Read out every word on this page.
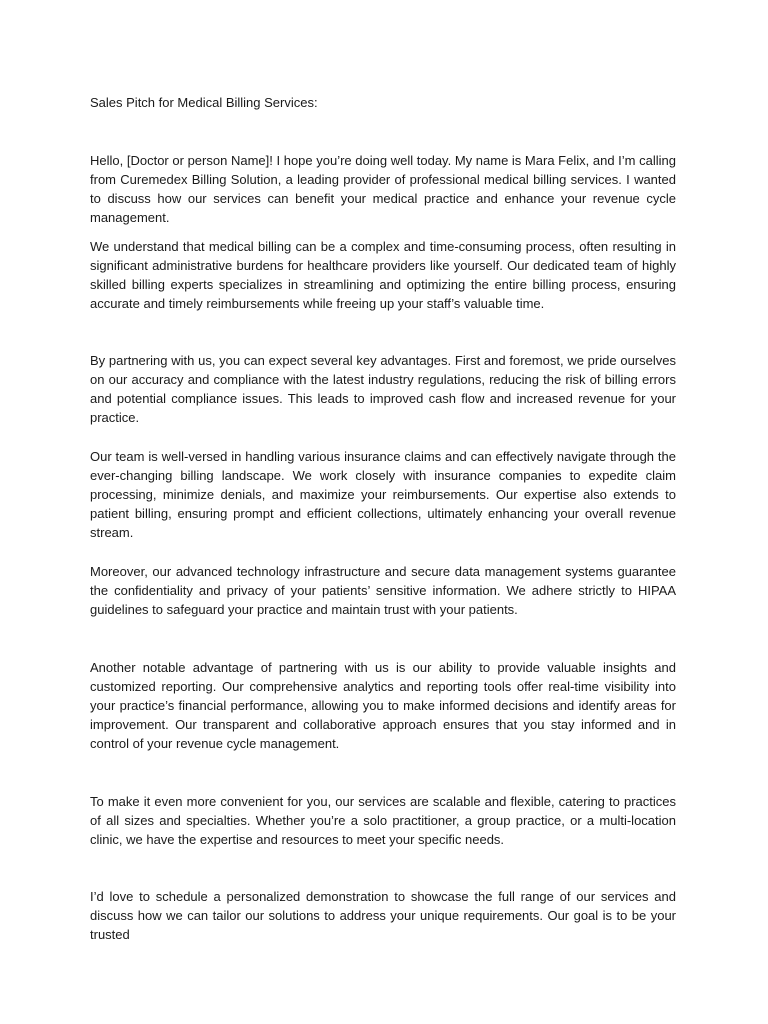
Sales Pitch for Medical Billing Services:

Hello, [Doctor or person Name]! I hope you’re doing well today. My name is Mara Felix, and I’m calling from Curemedex Billing Solution, a leading provider of professional medical billing services. I wanted to discuss how our services can benefit your medical practice and enhance your revenue cycle management.

We understand that medical billing can be a complex and time-consuming process, often resulting in significant administrative burdens for healthcare providers like yourself. Our dedicated team of highly skilled billing experts specializes in streamlining and optimizing the entire billing process, ensuring accurate and timely reimbursements while freeing up your staff’s valuable time.

By partnering with us, you can expect several key advantages. First and foremost, we pride ourselves on our accuracy and compliance with the latest industry regulations, reducing the risk of billing errors and potential compliance issues. This leads to improved cash flow and increased revenue for your practice.

Our team is well-versed in handling various insurance claims and can effectively navigate through the ever-changing billing landscape. We work closely with insurance companies to expedite claim processing, minimize denials, and maximize your reimbursements. Our expertise also extends to patient billing, ensuring prompt and efficient collections, ultimately enhancing your overall revenue stream.

Moreover, our advanced technology infrastructure and secure data management systems guarantee the confidentiality and privacy of your patients’ sensitive information. We adhere strictly to HIPAA guidelines to safeguard your practice and maintain trust with your patients.

Another notable advantage of partnering with us is our ability to provide valuable insights and customized reporting. Our comprehensive analytics and reporting tools offer real-time visibility into your practice’s financial performance, allowing you to make informed decisions and identify areas for improvement. Our transparent and collaborative approach ensures that you stay informed and in control of your revenue cycle management.

To make it even more convenient for you, our services are scalable and flexible, catering to practices of all sizes and specialties. Whether you’re a solo practitioner, a group practice, or a multi-location clinic, we have the expertise and resources to meet your specific needs.

I’d love to schedule a personalized demonstration to showcase the full range of our services and discuss how we can tailor our solutions to address your unique requirements. Our goal is to be your trusted
